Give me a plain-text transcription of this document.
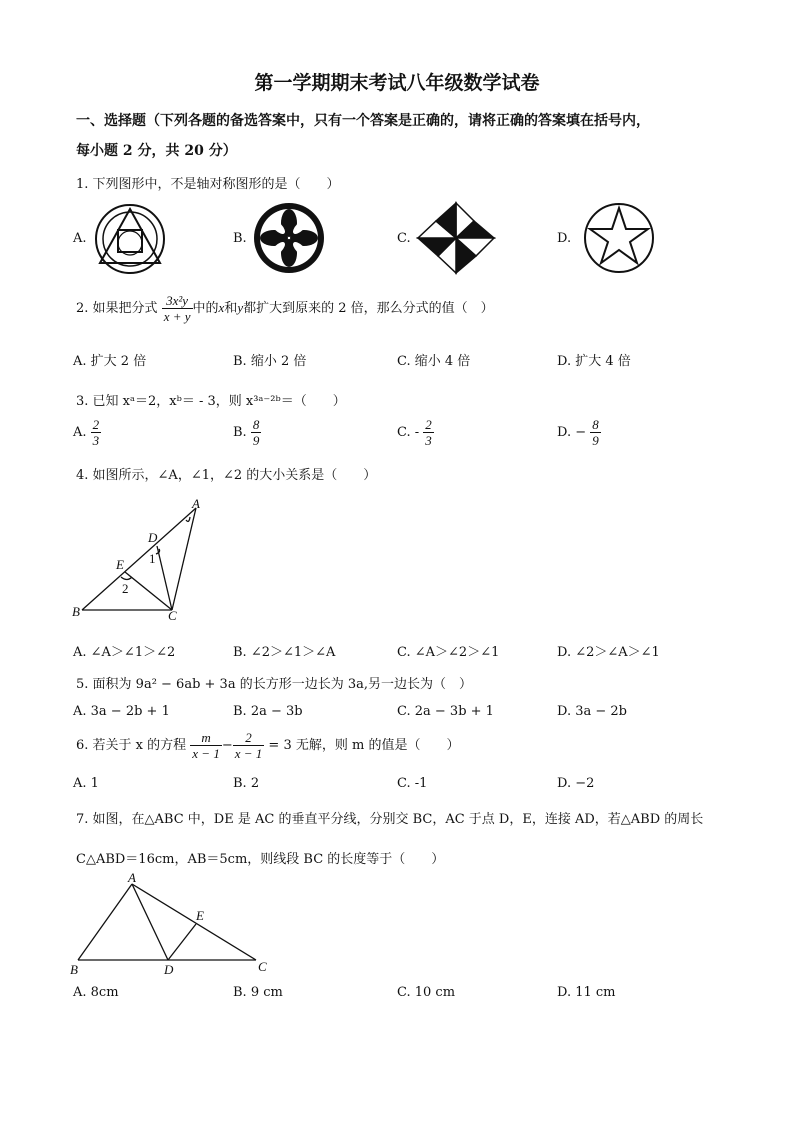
第一学期期末考试八年级数学试卷
一、选择题（下列各题的备选答案中，只有一个答案是正确的，请将正确的答案填在括号内，
每小题 2 分，共 20 分）
1. 下列图形中，不是轴对称图形的是（　　）
A.	B.	C.	D.
2. 如果把分式 $\frac{\text{3x²y}}{x + y}$ 中的x和y都扩大到原来的 2 倍，那么分式的值（　）
A. 扩大 2 倍	B. 缩小 2 倍	C. 缩小 4 倍	D. 扩大 4 倍
3. 已知 xᵃ＝2，xᵇ＝ - 3，则 x³ᵃ⁻²ᵇ＝（　　）
A. $\frac{2}{3}$	B. $\frac{8}{9}$	C. - $\frac{2}{3}$	D. − $\frac{8}{9}$
4. 如图所示，∠A，∠1，∠2 的大小关系是（　　）
A
D
1
E
2
B	C
A. ∠A＞∠1＞∠2	B. ∠2＞∠1＞∠A	C. ∠A＞∠2＞∠1	D. ∠2＞∠A＞∠1
5. 面积为 9a² − 6ab + 3a 的长方形一边长为 3a,另一边长为（　）
A. 3a − 2b + 1	B. 2a − 3b	C. 2a − 3b + 1	D. 3a − 2b
6. 若关于 x 的方程 $\frac{m}{x - 1} - \frac{2}{x - 1} = 3$ 无解，则 m 的值是（　　）
A. 1	B. 2	C. -1	D. −2
7. 如图，在△ABC 中，DE 是 AC 的垂直平分线，分别交 BC，AC 于点 D，E，连接 AD，若△ABD 的周长
C△ABD＝16cm，AB＝5cm，则线段 BC 的长度等于（　　）
A
E
B	D	C
A. 8cm	B. 9 cm	C. 10 cm	D. 11 cm
